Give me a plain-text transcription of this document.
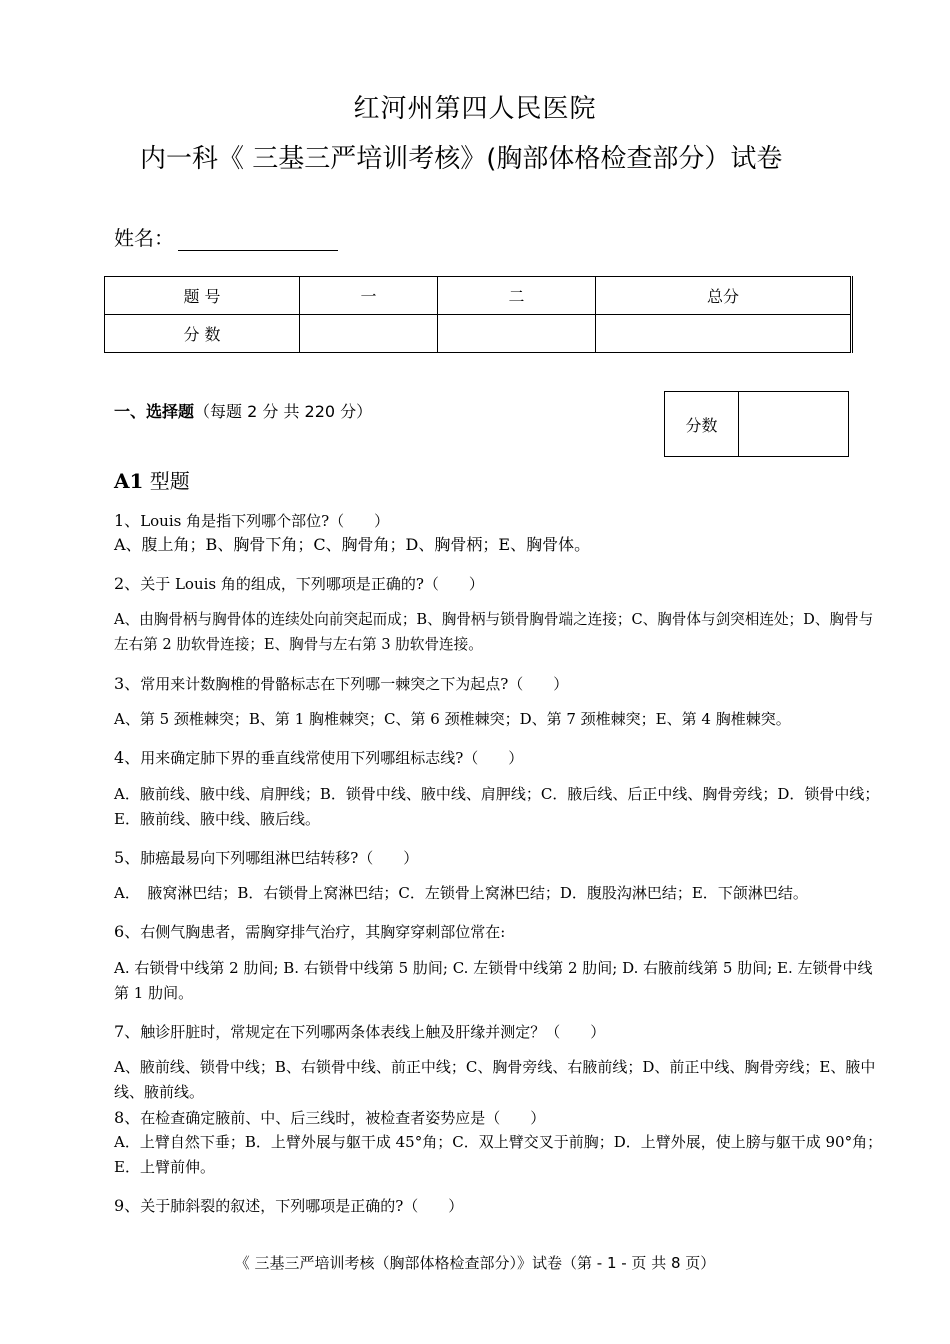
红河州第四人民医院
内一科《 三基三严培训考核》(胸部体格检查部分）试卷
姓名：
题 号	一	二	总分
分 数			
一、选择题（每题 2 分 共 220 分）
分数	
A1 型题
1、Louis 角是指下列哪个部位?（　　）
A、腹上角；B、胸骨下角；C、胸骨角；D、胸骨柄；E、胸骨体。
2、关于 Louis 角的组成，下列哪项是正确的?（　　）
A、由胸骨柄与胸骨体的连续处向前突起而成；B、胸骨柄与锁骨胸骨端之连接；C、胸骨体与剑突相连处；D、胸骨与左右第 2 肋软骨连接；E、胸骨与左右第 3 肋软骨连接。
3、常用来计数胸椎的骨骼标志在下列哪一棘突之下为起点?（　　）
A、第 5 颈椎棘突；B、第 1 胸椎棘突；C、第 6 颈椎棘突；D、第 7 颈椎棘突；E、第 4 胸椎棘突。
4、用来确定肺下界的垂直线常使用下列哪组标志线?（　　）
A．腋前线、腋中线、肩胛线；B．锁骨中线、腋中线、肩胛线；C．腋后线、后正中线、胸骨旁线；D．锁骨中线；E．腋前线、腋中线、腋后线。
5、肺癌最易向下列哪组淋巴结转移?（　　）
A．　腋窝淋巴结；B．右锁骨上窝淋巴结；C．左锁骨上窝淋巴结；D．腹股沟淋巴结；E．下颌淋巴结。
6、右侧气胸患者，需胸穿排气治疗，其胸穿穿刺部位常在:
A. 右锁骨中线第 2 肋间; B. 右锁骨中线第 5 肋间; C. 左锁骨中线第 2 肋间; D. 右腋前线第 5 肋间; E. 左锁骨中线第 1 肋间。
7、触诊肝脏时，常规定在下列哪两条体表线上触及肝缘并测定？（　　）
A、腋前线、锁骨中线；B、右锁骨中线、前正中线；C、胸骨旁线、右腋前线；D、前正中线、胸骨旁线；E、腋中线、腋前线。
8、在检查确定腋前、中、后三线时，被检查者姿势应是（　　）
A．上臂自然下垂；B．上臂外展与躯干成 45°角；C．双上臂交叉于前胸；D．上臂外展，使上膀与躯干成 90°角；E．上臂前伸。
9、关于肺斜裂的叙述，下列哪项是正确的?（　　）
《 三基三严培训考核（胸部体格检查部分）》试卷（第 - 1 - 页 共 8 页）
